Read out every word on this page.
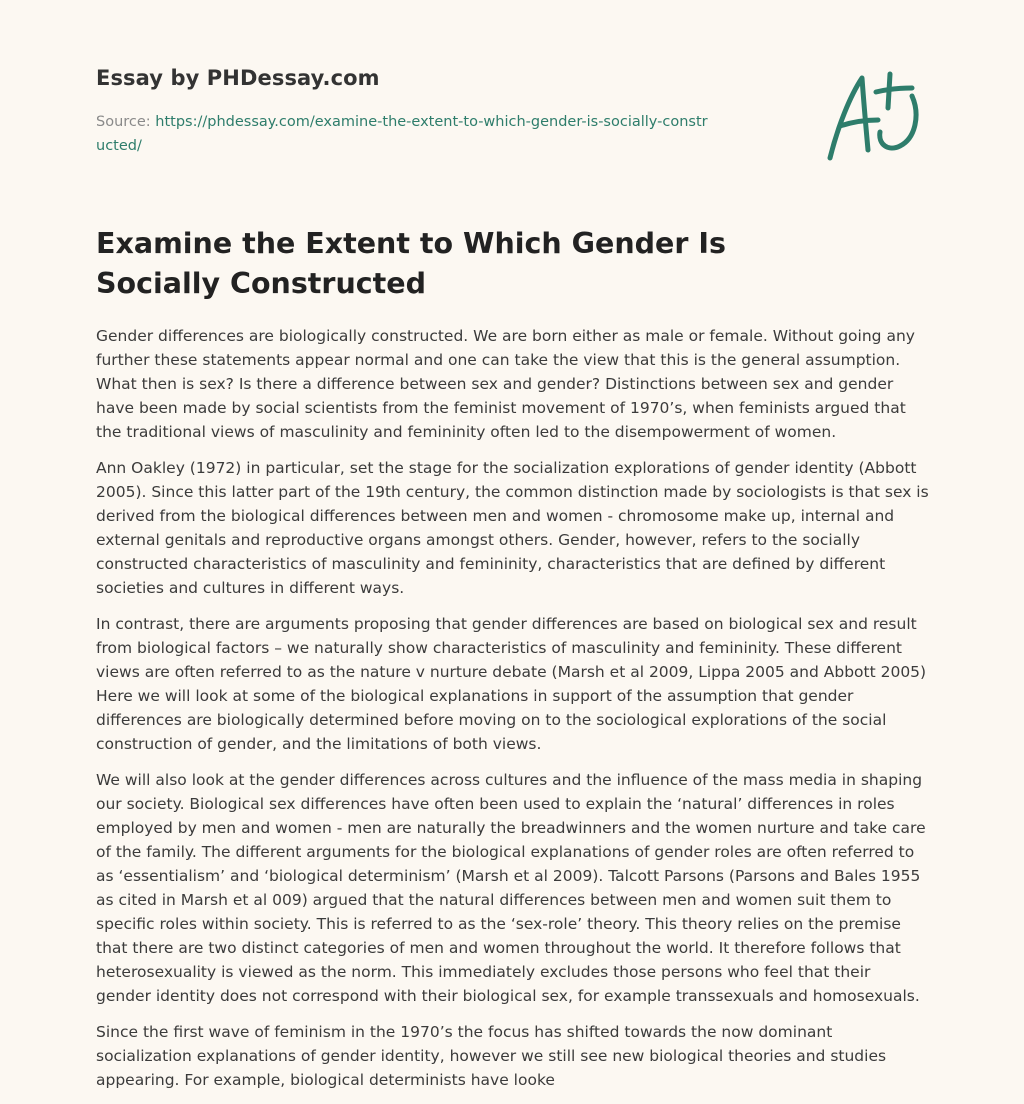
Essay by PHDessay.com
Source: https://phdessay.com/examine-the-extent-to-which-gender-is-socially-constructed/
Examine the Extent to Which Gender Is Socially Constructed

Gender differences are biologically constructed. We are born either as male or female. Without going any further these statements appear normal and one can take the view that this is the general assumption. What then is sex? Is there a difference between sex and gender? Distinctions between sex and gender have been made by social scientists from the feminist movement of 1970’s, when feminists argued that the traditional views of masculinity and femininity often led to the disempowerment of women.

Ann Oakley (1972) in particular, set the stage for the socialization explorations of gender identity (Abbott 2005). Since this latter part of the 19th century, the common distinction made by sociologists is that sex is derived from the biological differences between men and women - chromosome make up, internal and external genitals and reproductive organs amongst others. Gender, however, refers to the socially constructed characteristics of masculinity and femininity, characteristics that are defined by different societies and cultures in different ways.

In contrast, there are arguments proposing that gender differences are based on biological sex and result from biological factors – we naturally show characteristics of masculinity and femininity. These different views are often referred to as the nature v nurture debate (Marsh et al 2009, Lippa 2005 and Abbott 2005) Here we will look at some of the biological explanations in support of the assumption that gender differences are biologically determined before moving on to the sociological explorations of the social construction of gender, and the limitations of both views.

We will also look at the gender differences across cultures and the influence of the mass media in shaping our society. Biological sex differences have often been used to explain the ‘natural’ differences in roles employed by men and women - men are naturally the breadwinners and the women nurture and take care of the family. The different arguments for the biological explanations of gender roles are often referred to as ‘essentialism’ and ‘biological determinism’ (Marsh et al 2009). Talcott Parsons (Parsons and Bales 1955 as cited in Marsh et al 009) argued that the natural differences between men and women suit them to specific roles within society. This is referred to as the ‘sex-role’ theory. This theory relies on the premise that there are two distinct categories of men and women throughout the world. It therefore follows that heterosexuality is viewed as the norm. This immediately excludes those persons who feel that their gender identity does not correspond with their biological sex, for example transsexuals and homosexuals.

Since the first wave of feminism in the 1970’s the focus has shifted towards the now dominant socialization explanations of gender identity, however we still see new biological theories and studies appearing. For example, biological determinists have looke
